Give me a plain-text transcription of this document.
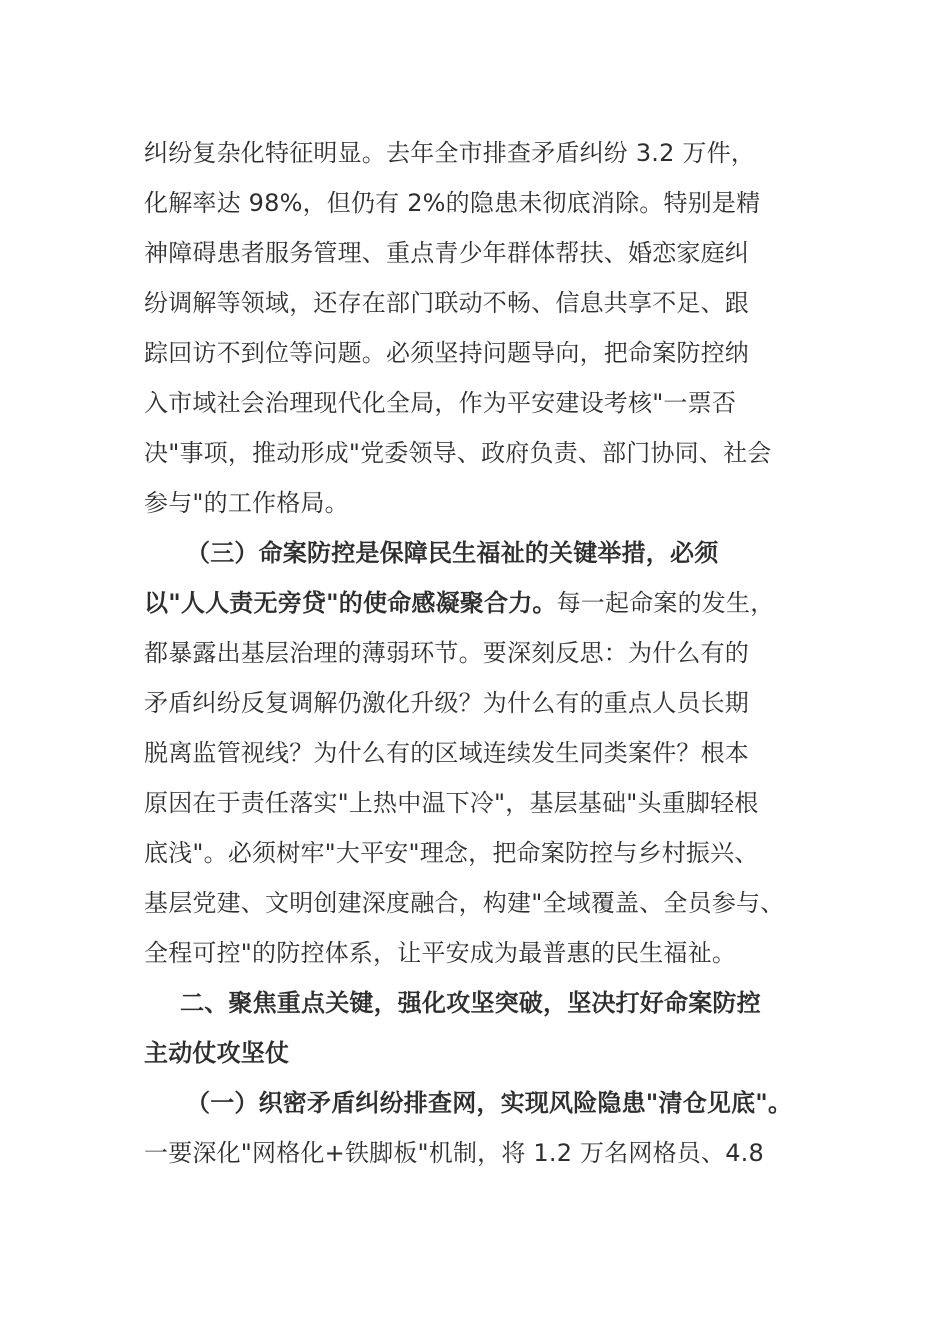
纠纷复杂化特征明显。去年全市排查矛盾纠纷 3.2 万件，
化解率达 98%，但仍有 2%的隐患未彻底消除。特别是精
神障碍患者服务管理、重点青少年群体帮扶、婚恋家庭纠
纷调解等领域，还存在部门联动不畅、信息共享不足、跟
踪回访不到位等问题。必须坚持问题导向，把命案防控纳
入市域社会治理现代化全局，作为平安建设考核"一票否
决"事项，推动形成"党委领导、政府负责、部门协同、社会
参与"的工作格局。
（三）命案防控是保障民生福祉的关键举措，必须
以"人人责无旁贷"的使命感凝聚合力。每一起命案的发生，
都暴露出基层治理的薄弱环节。要深刻反思：为什么有的
矛盾纠纷反复调解仍激化升级？为什么有的重点人员长期
脱离监管视线？为什么有的区域连续发生同类案件？根本
原因在于责任落实"上热中温下冷"，基层基础"头重脚轻根
底浅"。必须树牢"大平安"理念，把命案防控与乡村振兴、
基层党建、文明创建深度融合，构建"全域覆盖、全员参与、
全程可控"的防控体系，让平安成为最普惠的民生福祉。
二、聚焦重点关键，强化攻坚突破，坚决打好命案防控
主动仗攻坚仗
（一）织密矛盾纠纷排查网，实现风险隐患"清仓见底"。
一要深化"网格化+铁脚板"机制，将 1.2 万名网格员、4.8
